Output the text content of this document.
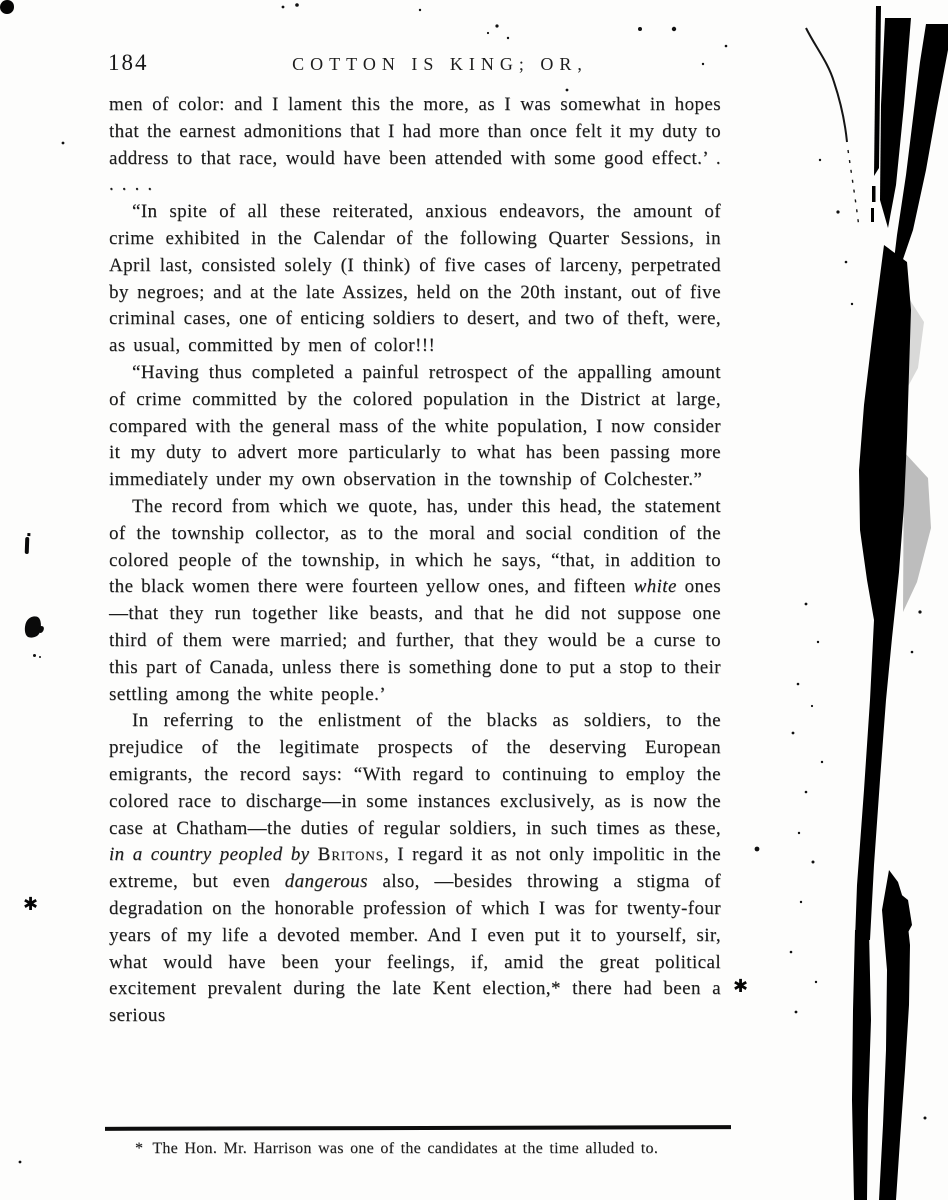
184	COTTON IS KING; OR,

men of color: and I lament this the more, as I was somewhat in hopes that the earnest admonitions that I had more than once felt it my duty to address to that race, would have been attended with some good effect.’ . . . . .

“In spite of all these reiterated, anxious endeavors, the amount of crime exhibited in the Calendar of the following Quarter Sessions, in April last, consisted solely (I think) of five cases of larceny, perpetrated by negroes; and at the late Assizes, held on the 20th instant, out of five criminal cases, one of enticing soldiers to desert, and two of theft, were, as usual, committed by men of color!!!

“Having thus completed a painful retrospect of the appalling amount of crime committed by the colored population in the District at large, compared with the general mass of the white population, I now consider it my duty to advert more particularly to what has been passing more immediately under my own observation in the township of Colchester.”

The record from which we quote, has, under this head, the statement of the township collector, as to the moral and social condition of the colored people of the township, in which he says, “that, in addition to the black women there were fourteen yellow ones, and fifteen white ones—that they run together like beasts, and that he did not suppose one third of them were married; and further, that they would be a curse to this part of Canada, unless there is something done to put a stop to their settling among the white people.’

In referring to the enlistment of the blacks as soldiers, to the prejudice of the legitimate prospects of the deserving European emigrants, the record says: “With regard to continuing to employ the colored race to discharge—in some instances exclusively, as is now the case at Chatham—the duties of regular soldiers, in such times as these, in a country peopled by Britons, I regard it as not only impolitic in the extreme, but even dangerous also, —besides throwing a stigma of degradation on the honorable profession of which I was for twenty-four years of my life a devoted member. And I even put it to yourself, sir, what would have been your feelings, if, amid the great political excitement prevalent during the late Kent election,* there had been a serious

* The Hon. Mr. Harrison was one of the candidates at the time alluded to.
✱
✱
